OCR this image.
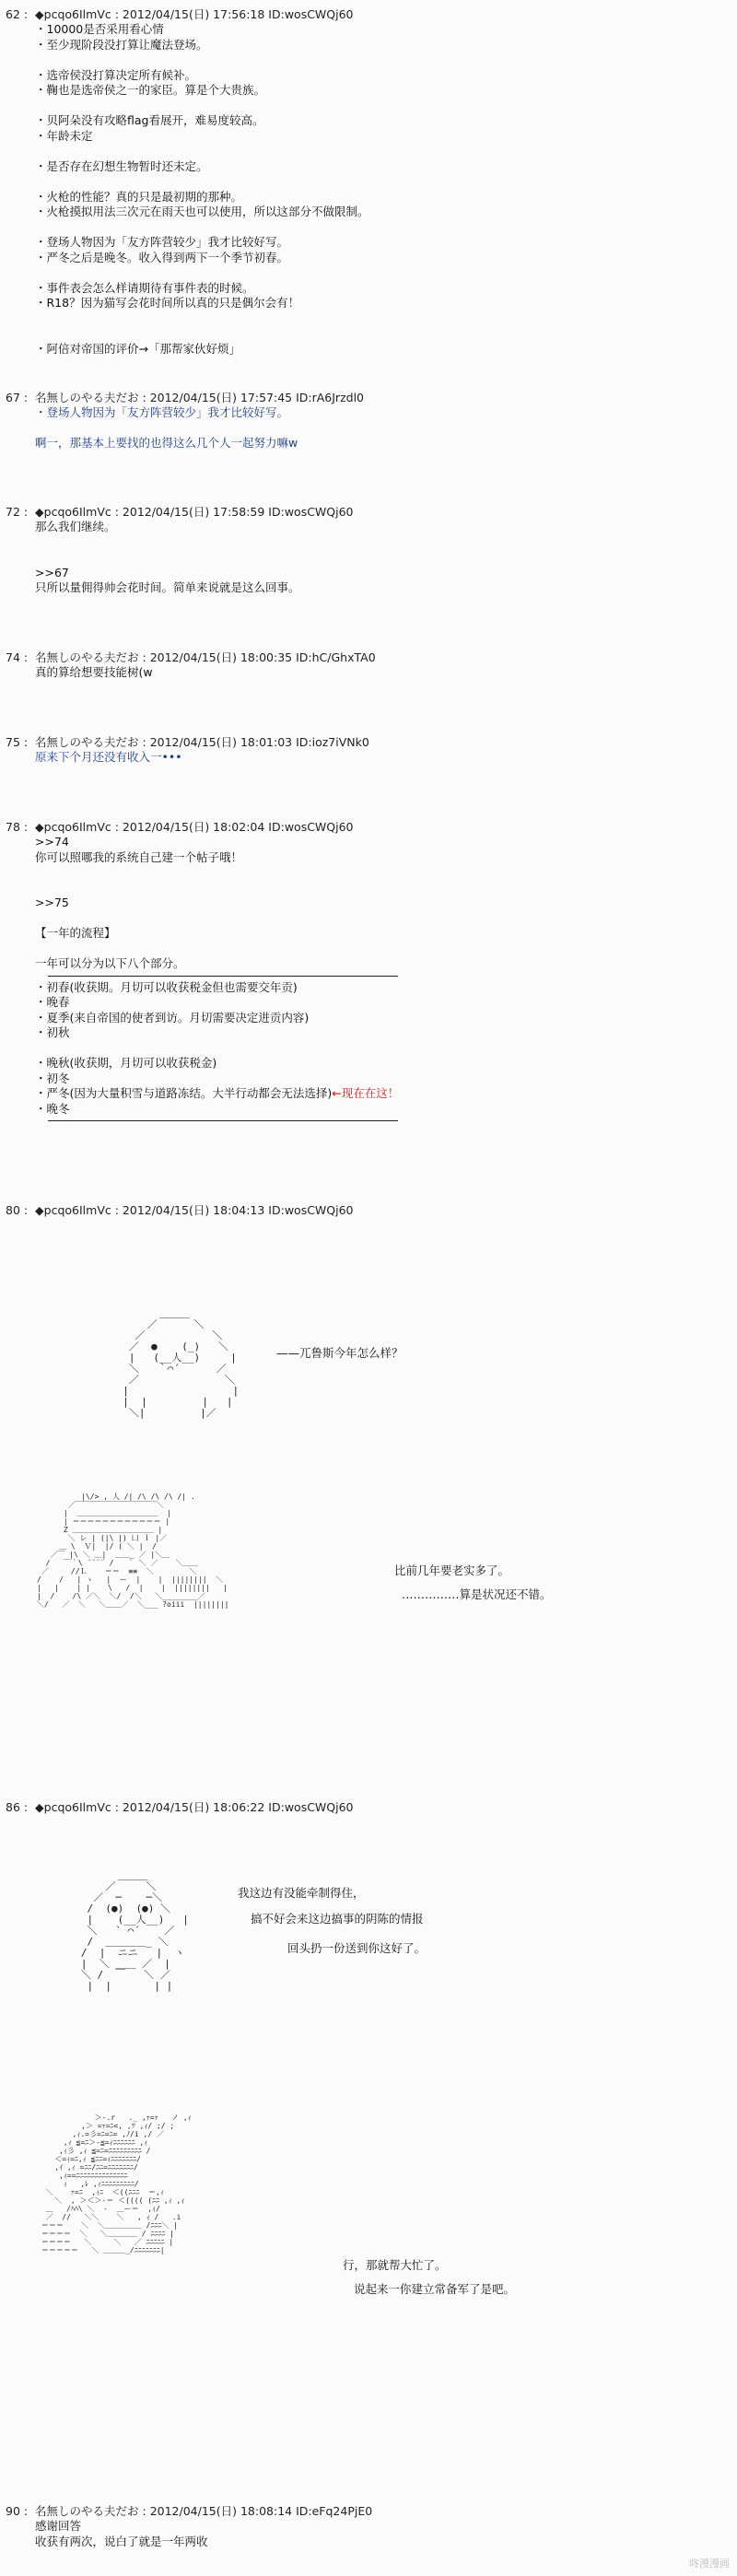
62 :  ◆pcqo6IlmVc : 2012/04/15(日) 17:56:18 ID:wosCWQj60
・10000是否采用看心情
・至少现阶段没打算让魔法登场。

・选帝侯没打算决定所有候补。
・鞠也是选帝侯之一的家臣。算是个大贵族。

・贝阿朵没有攻略flag看展开，难易度较高。
・年龄未定

・是否存在幻想生物暂时还未定。

・火枪的性能？真的只是最初期的那种。
・火枪摸拟用法三次元在雨天也可以使用，所以这部分不做限制。

・登场人物因为「友方阵营较少」我才比较好写。
・严冬之后是晚冬。收入得到两下一个季节初春。

・事件表会怎么样请期待有事件表的时候。
・R18？因为猫写会花时间所以真的只是偶尔会有！

・阿倍对帝国的评价→「那帮家伙好烦」
67 :  名無しのやる夫だお : 2012/04/15(日) 17:57:45 ID:rA6Jrzdl0
・登场人物因为「友方阵营较少」我才比较好写。

啊一，那基本上要找的也得这么几个人一起努力嘛w
72 :  ◆pcqo6IlmVc : 2012/04/15(日) 17:58:59 ID:wosCWQj60
那么我们继续。

>>67
只所以量佣得帅会花时间。简单来说就是这么回事。
74 :  名無しのやる夫だお : 2012/04/15(日) 18:00:35 ID:hC/GhxTA0
真的算给想要技能树(w
75 :  名無しのやる夫だお : 2012/04/15(日) 18:01:03 ID:ioz7iVNk0
原来下个月还没有收入一•••
78 :  ◆pcqo6IlmVc : 2012/04/15(日) 18:02:04 ID:wosCWQj60
>>74
你可以照哪我的系统自己建一个帖子哦！

>>75

【一年的流程】

一年可以分为以下八个部分。
・初春(收获期。月切可以收获税金但也需要交年贡)
・晚春
・夏季(来自帝国的使者到访。月切需要决定进贡内容)
・初秋

・晚秋(收获期，月切可以收获税金)
・初冬
・严冬(因为大量积雪与道路冻结。大半行动都会无法选择)←现在在这！
・晚冬
80 :  ◆pcqo6IlmVc : 2012/04/15(日) 18:04:13 ID:wosCWQj60
＿＿＿
／      ＼
／           ＼
／  ●    (_)   ＼
|   (__人__)     |
＼   ｀⌒´      ／
／              ＼
|                 |
|  |         |   |
＼|         |／
——兀鲁斯今年怎么样？
|\/> , 人 /| /\ /\ /\ /| .
／￣￣￣￣￣￣￣￣￣￣￣＼
|  ＿＿＿＿＿＿＿＿＿＿＿  |
| ＝＝＝＝＝＝＝＝＝＝＝＝ |
Z ＿＿＿＿＿＿＿＿＿＿＿ |
＼ レ | (|\ |) 凵 ｌ |／
＿ \  Ｖ|  |/ ( ＼ |  /
／￣ |\ ＼ ＿|  ＿＿_ ／ |＼＿
/   ￣｀\ ¨¨¨¨ /   ｀ ＼ ／    ＼＿＿
／     //Ｌ    ＝＝  ≡≡  ＼        ＼
/    /   | ゝ   |  ー  |    |  ||||||||  ＼
|   |    | |    \   /  |    |  ||||||||   |
|  /    /\ ／＼  ＼/  /＼   ＼________／
＼/   ／  ＼   ＼＿＿／  ＼___ ?oiii  ||||||||
比前几年要老实多了。
……………算是状况还不错。
86 :  ◆pcqo6IlmVc : 2012/04/15(日) 18:06:22 ID:wosCWQj60
＿＿＿
／     ＼
／  ─    ─＼
/  (●)  (●) ＼
|    (__人__)   |
＼   ` ⌒´    ／
/  ＿＿＿＿_ ＼
/  |  ニニ   |  ヽ
|  ＼ ＿＿ ／  |
＼ /  ￣   ＼ ／
|  |       | |
我这边有没能牵制得住，
搞不好会来这边搞事的阴陈的情报
回头扔一份送到你这好了。
＞-.r   ._ ,ｧ=ｧ   ノ ,ｨ
,＞ =ｧ=ﾆ<, ,ﾂ ,ｨ/ ;/ ;
,ｨ.=彡=ﾆ=ﾆ= ,ﾉ/i ,/ ／
,ｨ ≦=ﾆ＞‐≦=ｨﾆﾆﾆﾆﾆﾆ ,ｨ
,ｨ彡 ,ｨ ≦=ﾆ=ﾆﾆﾆﾆﾆﾆﾆﾆﾆ /
＜=ｨ=ﾆ,ｨ ≦ﾆﾆ=ｨﾆﾆﾆﾆﾆﾆﾆ/
,ｲ ,ｨ =ﾆﾆ/ﾆﾆ=ﾆﾆﾆﾆﾆﾆﾆ/
,ｨ==ﾆﾆﾆﾆﾆﾆﾆﾆﾆﾆﾆﾆﾆﾆ
ｨ   ,ﾚ ,ｨﾆﾆﾆﾆﾆﾆﾆﾆﾆ/
＼    ｧ=ﾆ  ,ｨﾆ  ＜((ﾆﾆﾆ  ＝,ｨ
＼  , ＞＜＞-＝ ＜(((( (ﾆﾆ ,ｨ ,ｨ
＿   /ﾊﾊ\ ＼  ‐  ＿ー＝  ,ｨ/
／  //   ＼＼    ＼   , ｨ /   .i
＝＝＝    ＼  ＼＿＿＿＿＿ /ﾆﾆﾆ＼ |
＝＝＝＝  ＼   ＼＿＿＿＿ / ﾆﾆﾆﾆ |
＝＝＝＝   ＼     ＼   ／ ﾆﾆﾆﾆﾆ |
＝＝＝＝＝   ＼ ＿＿＿_/ﾆﾆﾆﾆﾆﾆﾆ|
行，那就帮大忙了。
说起来一你建立常备军了是吧。
90 :  名無しのやる夫だお : 2012/04/15(日) 18:08:14 ID:eFq24PjE0
感谢回答
收获有两次，说白了就是一年两收
咚漫漫画
